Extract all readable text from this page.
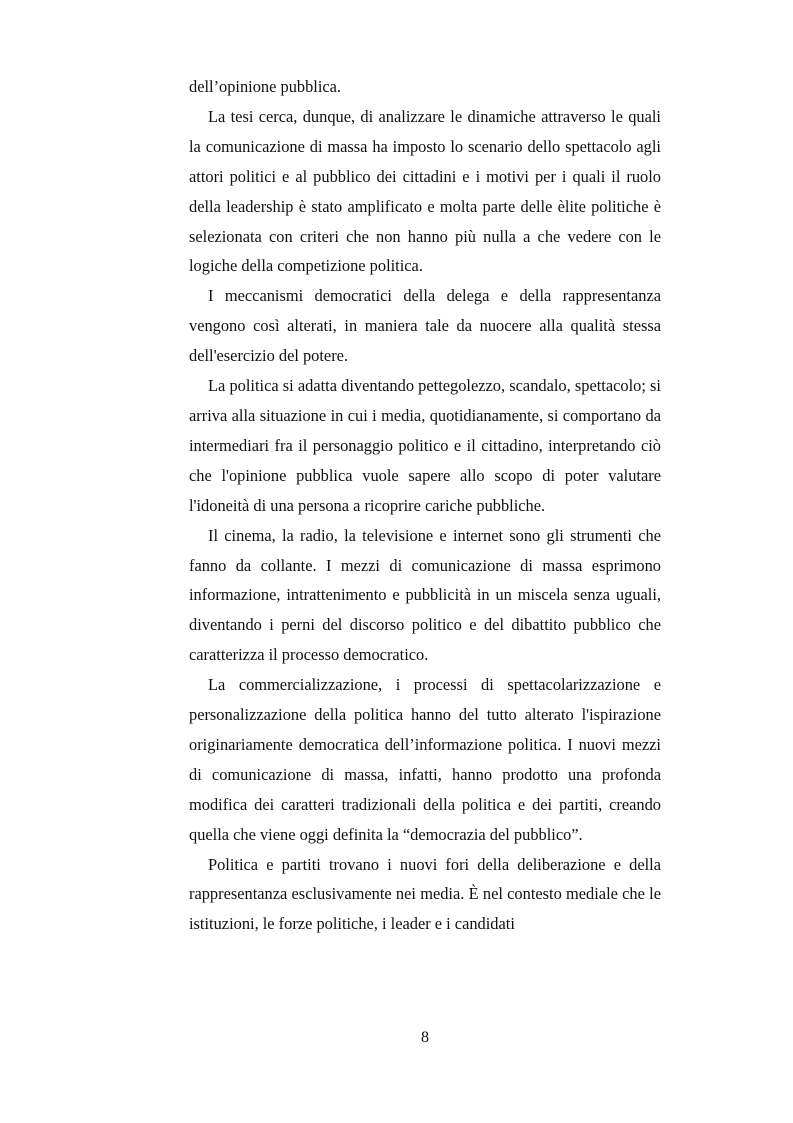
dell’opinione pubblica.

La tesi cerca, dunque, di analizzare le dinamiche attraverso le quali la comunicazione di massa ha imposto lo scenario dello spettacolo agli attori politici e al pubblico dei cittadini e i motivi per i quali il ruolo della leadership è stato amplificato e molta parte delle èlite politiche è selezionata con criteri che non hanno più nulla a che vedere con le logiche della competizione politica.

I meccanismi democratici della delega e della rappresentanza vengono così alterati, in maniera tale da nuocere alla qualità stessa dell'esercizio del potere.

La politica si adatta diventando pettegolezzo, scandalo, spettacolo; si arriva alla situazione in cui i media, quotidianamente, si comportano da intermediari fra il personaggio politico e il cittadino, interpretando ciò che l'opinione pubblica vuole sapere allo scopo di poter valutare l'idoneità di una persona a ricoprire cariche pubbliche.

Il cinema, la radio, la televisione e internet sono gli strumenti che fanno da collante. I mezzi di comunicazione di massa esprimono informazione, intrattenimento e pubblicità in un miscela senza uguali, diventando i perni del discorso politico e del dibattito pubblico che caratterizza il processo democratico.

La commercializzazione, i processi di spettacolarizzazione e personalizzazione della politica hanno del tutto alterato l'ispirazione originariamente democratica dell’informazione politica. I nuovi mezzi di comunicazione di massa, infatti, hanno prodotto una profonda modifica dei caratteri tradizionali della politica e dei partiti, creando quella che viene oggi definita la “democrazia del pubblico”.

Politica e partiti trovano i nuovi fori della deliberazione e della rappresentanza esclusivamente nei media. È nel contesto mediale che le istituzioni, le forze politiche, i leader e i candidati

8
